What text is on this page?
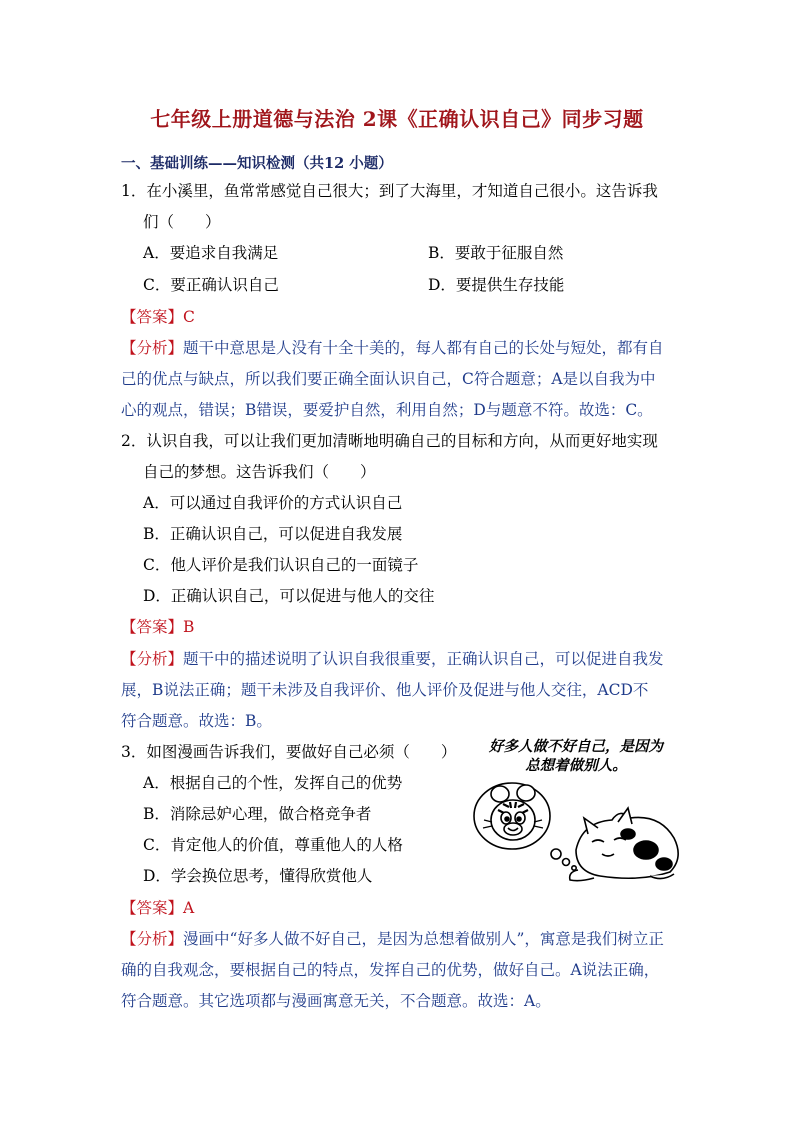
七年级上册道德与法治 2课《正确认识自己》同步习题
一、基础训练——知识检测（共12 小题）
1．在小溪里，鱼常常感觉自己很大；到了大海里，才知道自己很小。这告诉我
们（　　）
A．要追求自我满足	B．要敢于征服自然
C．要正确认识自己	D．要提供生存技能
【答案】C
【分析】题干中意思是人没有十全十美的，每人都有自己的长处与短处，都有自
己的优点与缺点，所以我们要正确全面认识自己，C符合题意；A是以自我为中
心的观点，错误；B错误，要爱护自然，利用自然；D与题意不符。故选：C。
2．认识自我，可以让我们更加清晰地明确自己的目标和方向，从而更好地实现
自己的梦想。这告诉我们（　　）
A．可以通过自我评价的方式认识自己
B．正确认识自己，可以促进自我发展
C．他人评价是我们认识自己的一面镜子
D．正确认识自己，可以促进与他人的交往
【答案】B
【分析】题干中的描述说明了认识自我很重要，正确认识自己，可以促进自我发
展，B说法正确；题干未涉及自我评价、他人评价及促进与他人交往，ACD不
符合题意。故选：B。
3．如图漫画告诉我们，要做好自己必须（　　）
A．根据自己的个性，发挥自己的优势
B．消除忌妒心理，做合格竞争者
C．肯定他人的价值，尊重他人的人格
D．学会换位思考，懂得欣赏他人
好多人做不好自己，是因为
总想着做别人。
【答案】A
【分析】漫画中“好多人做不好自己，是因为总想着做别人”，寓意是我们树立正
确的自我观念，要根据自己的特点，发挥自己的优势，做好自己。A说法正确，
符合题意。其它选项都与漫画寓意无关，不合题意。故选：A。
